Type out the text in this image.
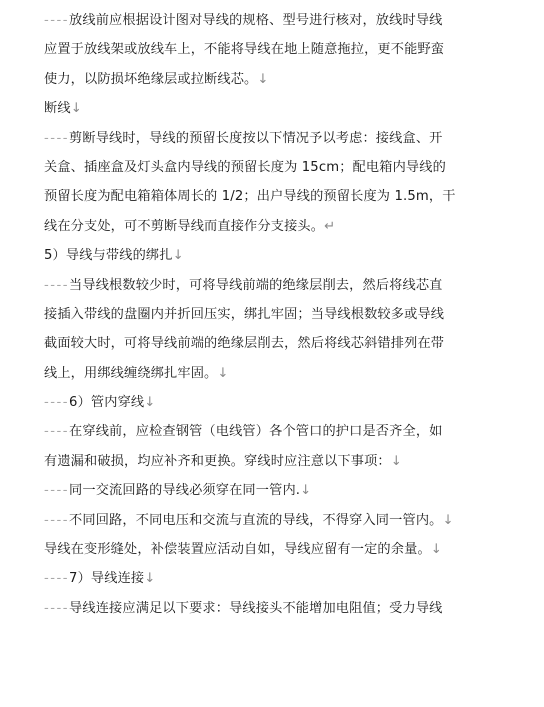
----放线前应根据设计图对导线的规格、型号进行核对，放线时导线
应置于放线架或放线车上，不能将导线在地上随意拖拉，更不能野蛮
使力，以防损坏绝缘层或拉断线芯。↓
断线↓
----剪断导线时，导线的预留长度按以下情况予以考虑：接线盒、开
关盒、插座盒及灯头盒内导线的预留长度为 15cm；配电箱内导线的
预留长度为配电箱箱体周长的 1/2；出户导线的预留长度为 1.5m，干
线在分支处，可不剪断导线而直接作分支接头。↵
5）导线与带线的绑扎↓
----当导线根数较少时，可将导线前端的绝缘层削去，然后将线芯直
接插入带线的盘圈内并折回压实，绑扎牢固；当导线根数较多或导线
截面较大时，可将导线前端的绝缘层削去，然后将线芯斜错排列在带
线上，用绑线缠绕绑扎牢固。↓
----6）管内穿线↓
----在穿线前，应检查钢管（电线管）各个管口的护口是否齐全，如
有遗漏和破损，均应补齐和更换。穿线时应注意以下事项：↓
----同一交流回路的导线必须穿在同一管内.↓
----不同回路，不同电压和交流与直流的导线，不得穿入同一管内。↓
导线在变形缝处，补偿装置应活动自如，导线应留有一定的余量。↓
----7）导线连接↓
----导线连接应满足以下要求：导线接头不能增加电阻值；受力导线
